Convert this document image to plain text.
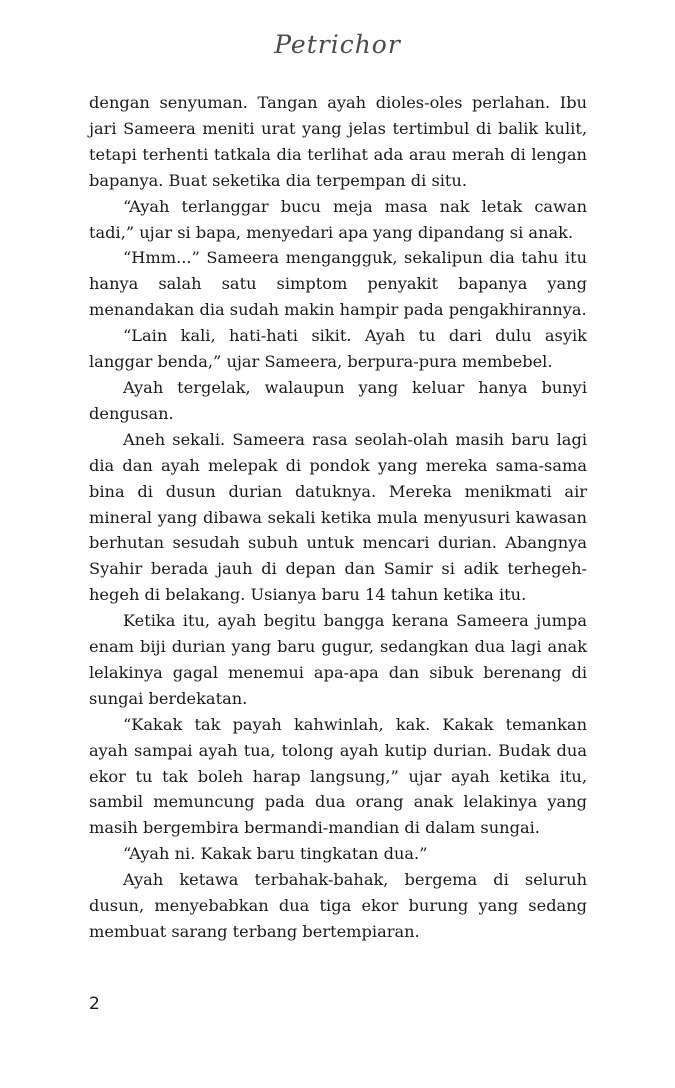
Petrichor

dengan senyuman. Tangan ayah dioles-oles perlahan. Ibu jari Sameera meniti urat yang jelas tertimbul di balik kulit, tetapi terhenti tatkala dia terlihat ada arau merah di lengan bapanya. Buat seketika dia terpempan di situ.

“Ayah terlanggar bucu meja masa nak letak cawan tadi,” ujar si bapa, menyedari apa yang dipandang si anak.

“Hmm...” Sameera mengangguk, sekalipun dia tahu itu hanya salah satu simptom penyakit bapanya yang menandakan dia sudah makin hampir pada pengakhirannya.

“Lain kali, hati-hati sikit. Ayah tu dari dulu asyik langgar benda,” ujar Sameera, berpura-pura membebel.

Ayah tergelak, walaupun yang keluar hanya bunyi dengusan.

Aneh sekali. Sameera rasa seolah-olah masih baru lagi dia dan ayah melepak di pondok yang mereka sama-sama bina di dusun durian datuknya. Mereka menikmati air mineral yang dibawa sekali ketika mula menyusuri kawasan berhutan sesudah subuh untuk mencari durian. Abangnya Syahir berada jauh di depan dan Samir si adik terhegeh-hegeh di belakang. Usianya baru 14 tahun ketika itu.

Ketika itu, ayah begitu bangga kerana Sameera jumpa enam biji durian yang baru gugur, sedangkan dua lagi anak lelakinya gagal menemui apa-apa dan sibuk berenang di sungai berdekatan.

“Kakak tak payah kahwinlah, kak. Kakak temankan ayah sampai ayah tua, tolong ayah kutip durian. Budak dua ekor tu tak boleh harap langsung,” ujar ayah ketika itu, sambil memuncung pada dua orang anak lelakinya yang masih bergembira bermandi-mandian di dalam sungai.

“Ayah ni. Kakak baru tingkatan dua.”

Ayah ketawa terbahak-bahak, bergema di seluruh dusun, menyebabkan dua tiga ekor burung yang sedang membuat sarang terbang bertempiaran.

2
